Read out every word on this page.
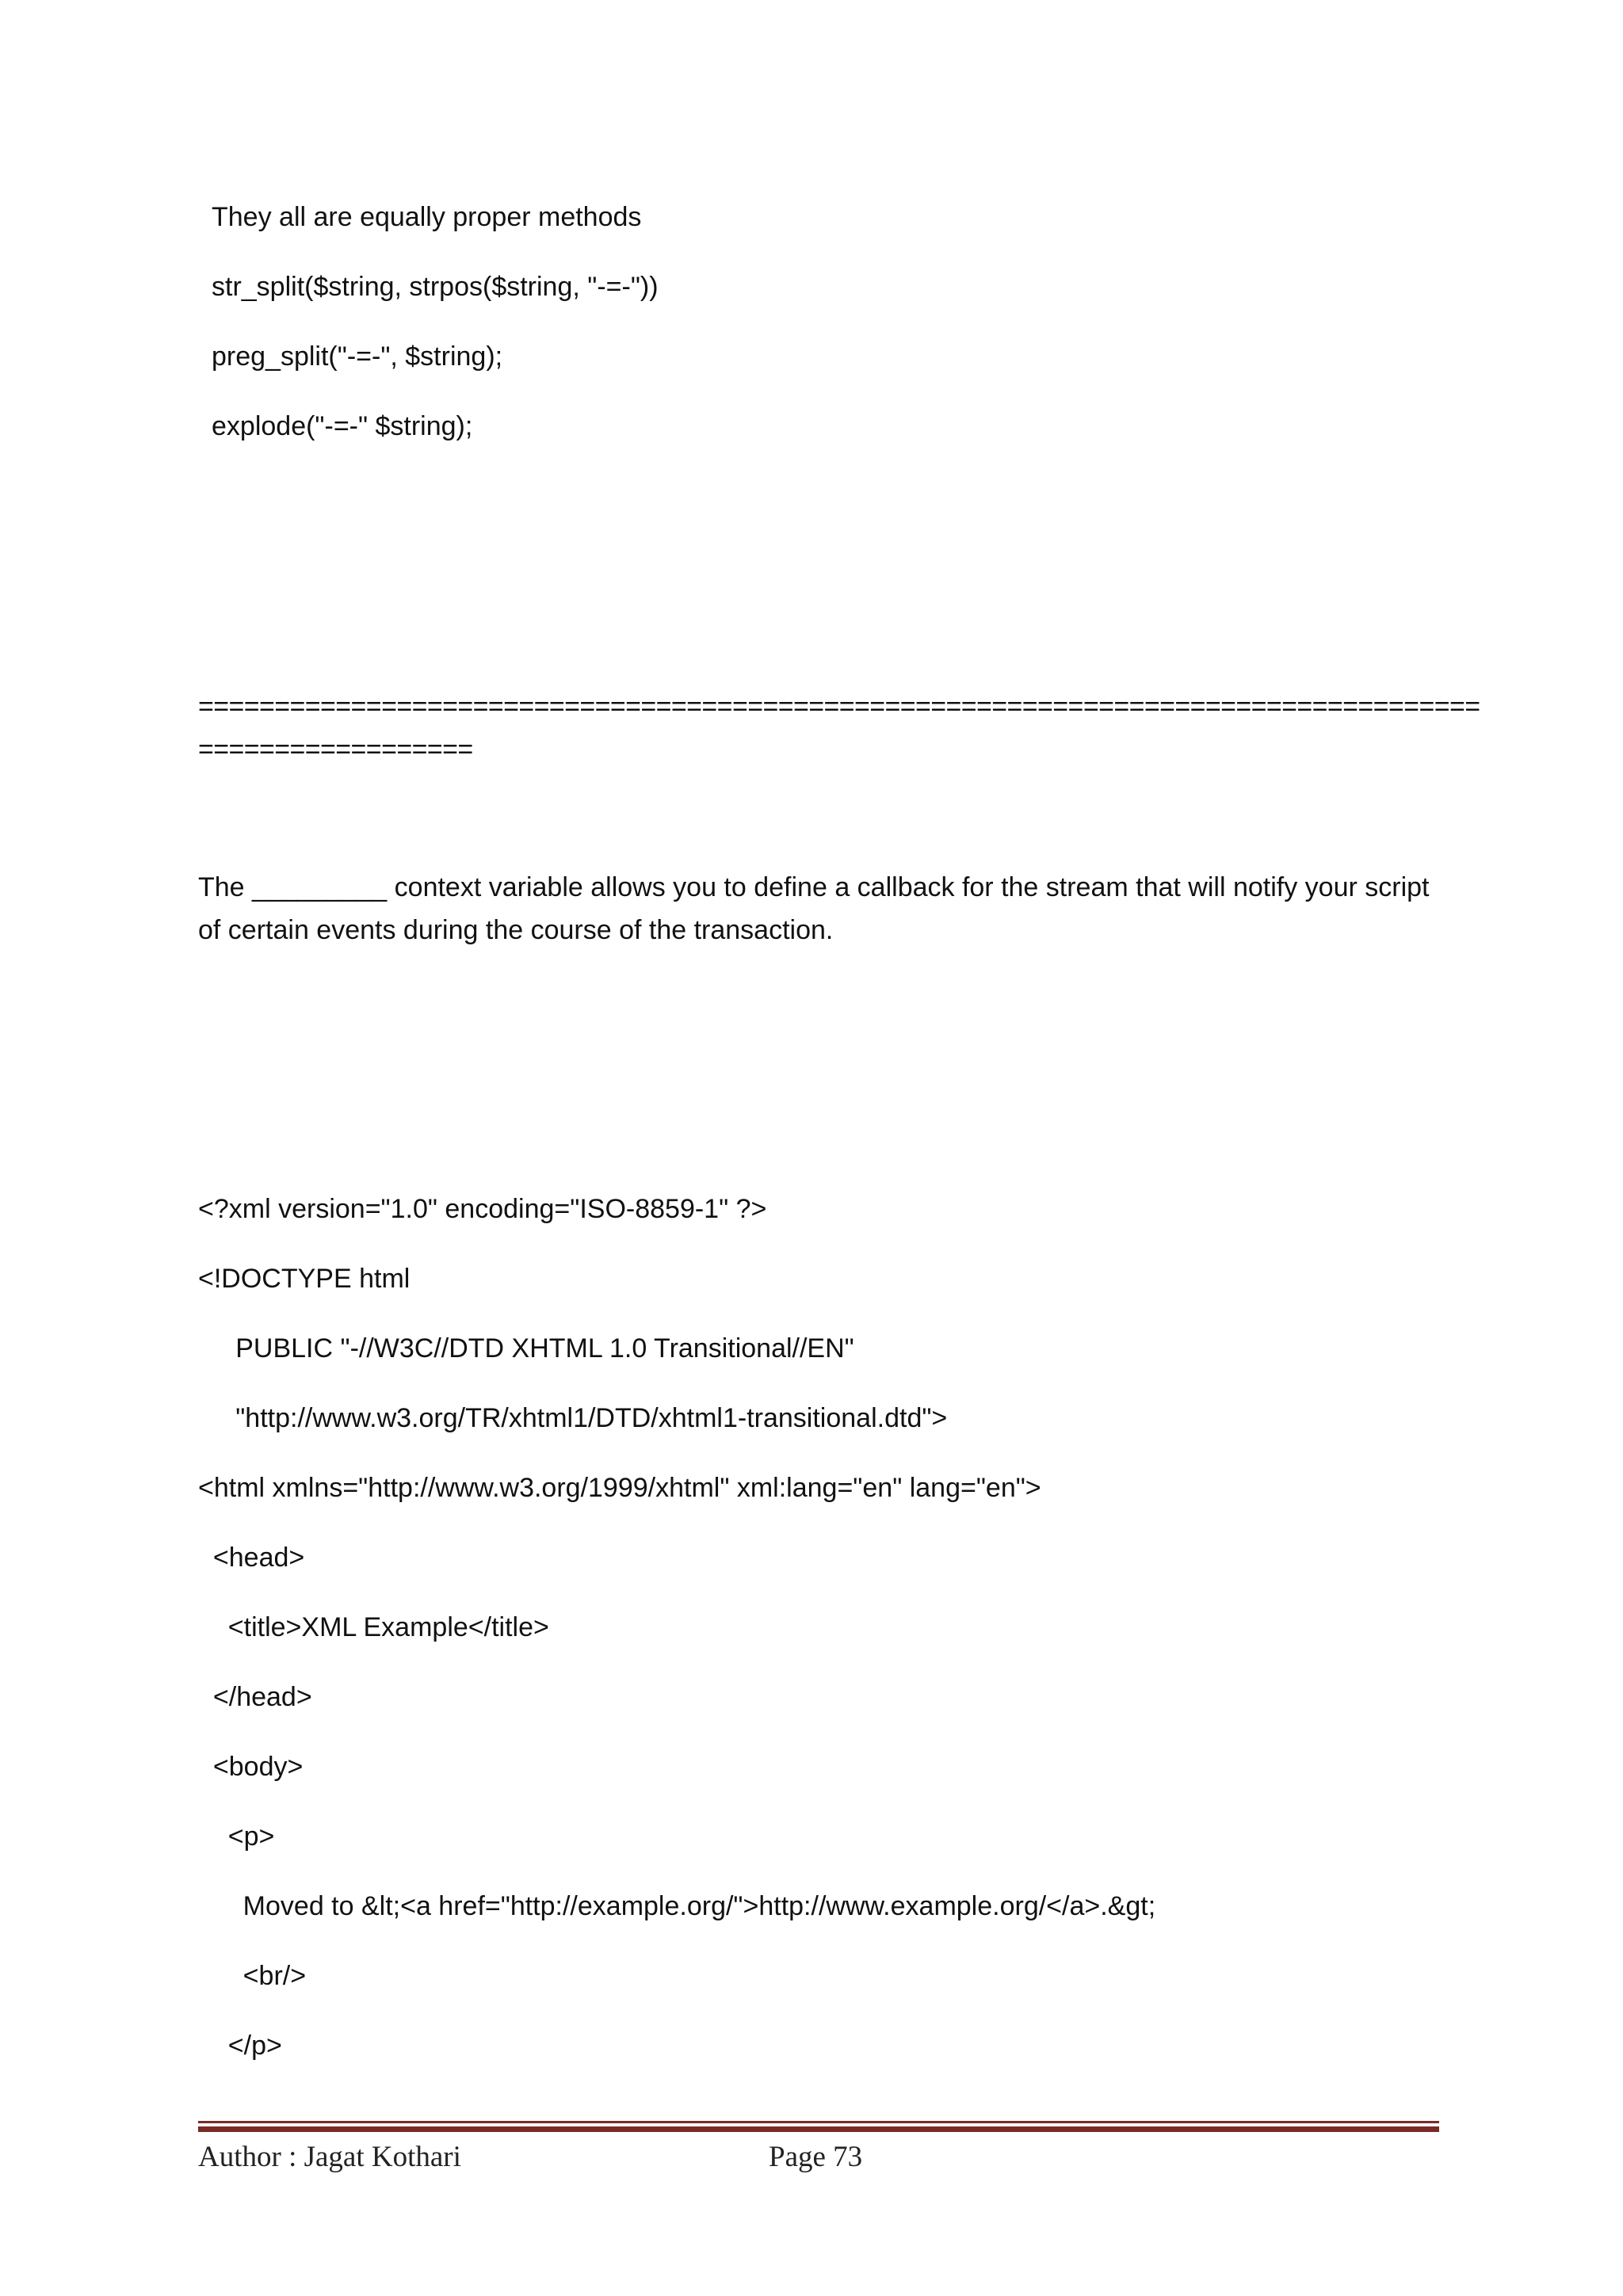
They all are equally proper methods

str_split($string, strpos($string, "-=-"))

preg_split("-=-", $string);

explode("-=-" $string);

====================================================================================

==================

The _________ context variable allows you to define a callback for the stream that will notify your script of certain events during the course of the transaction.

<?xml version="1.0" encoding="ISO-8859-1" ?>

<!DOCTYPE html

PUBLIC "-//W3C//DTD XHTML 1.0 Transitional//EN"

"http://www.w3.org/TR/xhtml1/DTD/xhtml1-transitional.dtd">

<html xmlns="http://www.w3.org/1999/xhtml" xml:lang="en" lang="en">

<head>

<title>XML Example</title>

</head>

<body>

<p>

Moved to &lt;<a href="http://example.org/">http://www.example.org/</a>.&gt;

<br/>

</p>

Author : Jagat Kothari	Page 73
